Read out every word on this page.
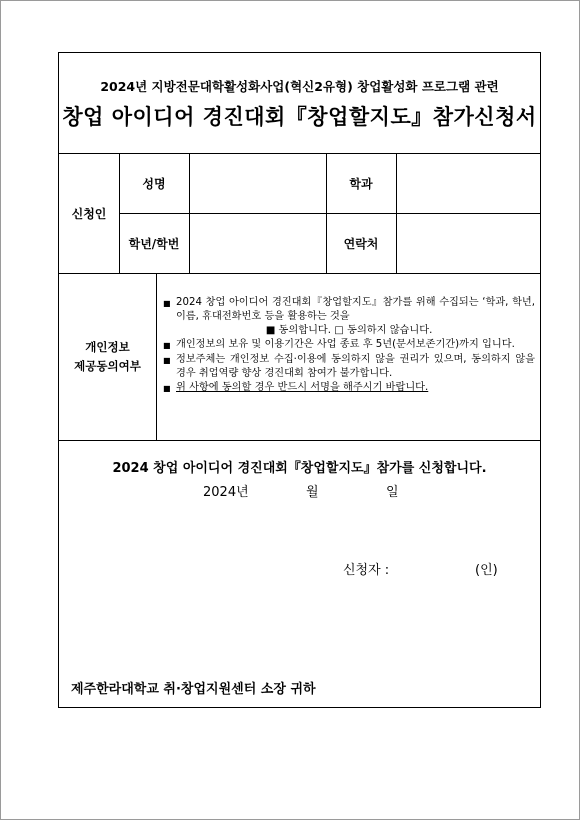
2024년 지방전문대학활성화사업(혁신2유형) 창업활성화 프로그램 관련
창업 아이디어 경진대회『창업할지도』참가신청서
신청인
성명	학과
학년/학번	연락처
개인정보
제공동의여부
■ 2024 창업 아이디어 경진대회『창업할지도』참가를 위해 수집되는 ‘학과, 학년, 이름, 휴대전화번호 등을 활용하는 것을
■ 동의합니다. □ 동의하지 않습니다.
■ 개인정보의 보유 및 이용기간은 사업 종료 후 5년(문서보존기간)까지 입니다.
■ 정보주체는 개인정보 수집·이용에 동의하지 않을 권리가 있으며, 동의하지 않을 경우 취업역량 향상 경진대회 참여가 불가합니다.
■ 위 사항에 동의할 경우 반드시 서명을 해주시기 바랍니다.
2024 창업 아이디어 경진대회『창업할지도』참가를 신청합니다.
제주한라대학교 취·창업지원센터 소장 귀하
2024년	월	일
신청자 :	(인)
